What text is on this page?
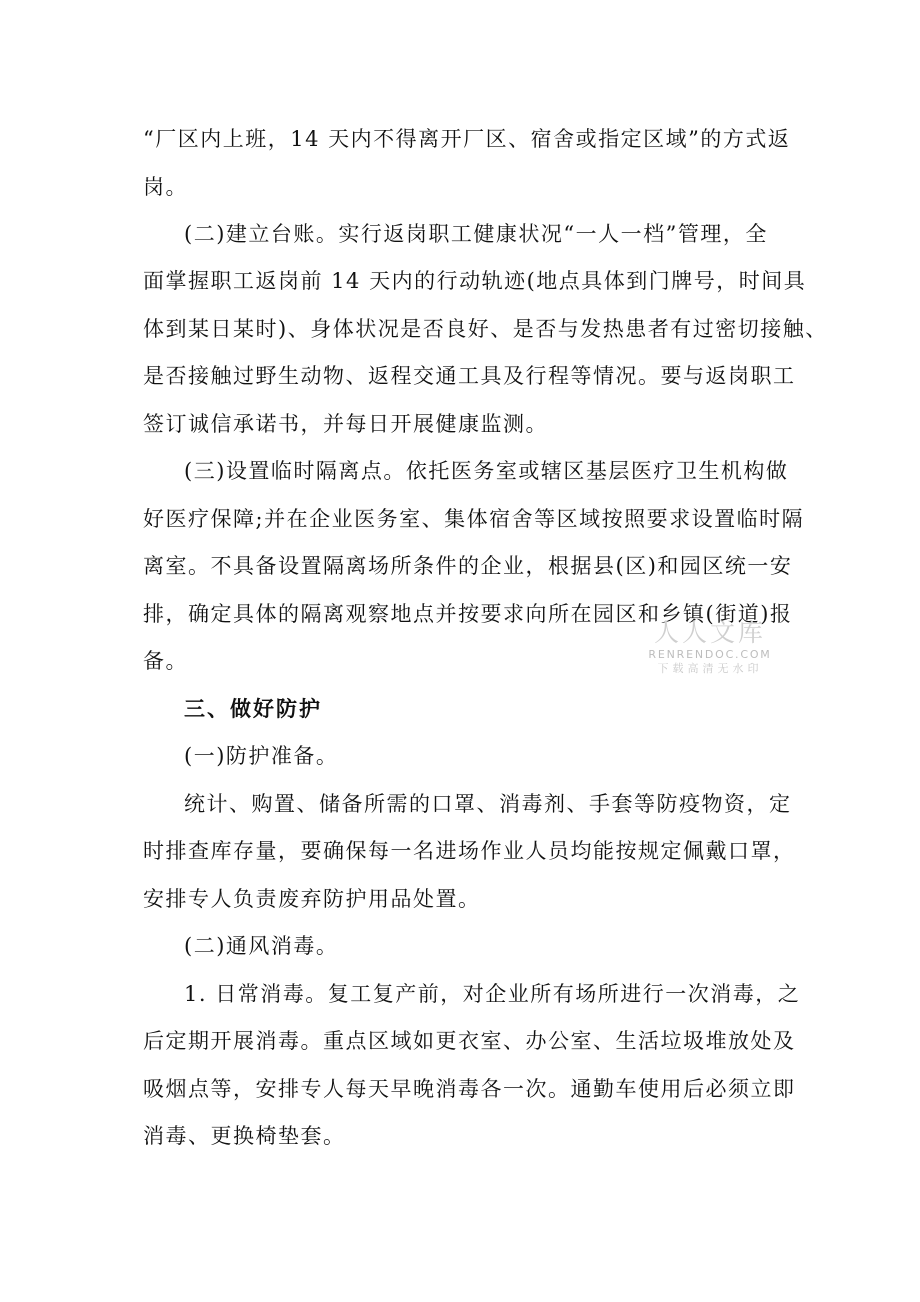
“厂区内上班，14 天内不得离开厂区、宿舍或指定区域”的方式返
岗。
(二)建立台账。实行返岗职工健康状况“一人一档”管理，全
面掌握职工返岗前 14 天内的行动轨迹(地点具体到门牌号，时间具
体到某日某时)、身体状况是否良好、是否与发热患者有过密切接触、
是否接触过野生动物、返程交通工具及行程等情况。要与返岗职工
签订诚信承诺书，并每日开展健康监测。
(三)设置临时隔离点。依托医务室或辖区基层医疗卫生机构做
好医疗保障;并在企业医务室、集体宿舍等区域按照要求设置临时隔
离室。不具备设置隔离场所条件的企业，根据县(区)和园区统一安
排，确定具体的隔离观察地点并按要求向所在园区和乡镇(街道)报
备。
三、做好防护
(一)防护准备。
统计、购置、储备所需的口罩、消毒剂、手套等防疫物资，定
时排查库存量，要确保每一名进场作业人员均能按规定佩戴口罩，
安排专人负责废弃防护用品处置。
(二)通风消毒。
1. 日常消毒。复工复产前，对企业所有场所进行一次消毒，之
后定期开展消毒。重点区域如更衣室、办公室、生活垃圾堆放处及
吸烟点等，安排专人每天早晚消毒各一次。通勤车使用后必须立即
消毒、更换椅垫套。
人人文库
RENRENDOC.COM
下载高清无水印
